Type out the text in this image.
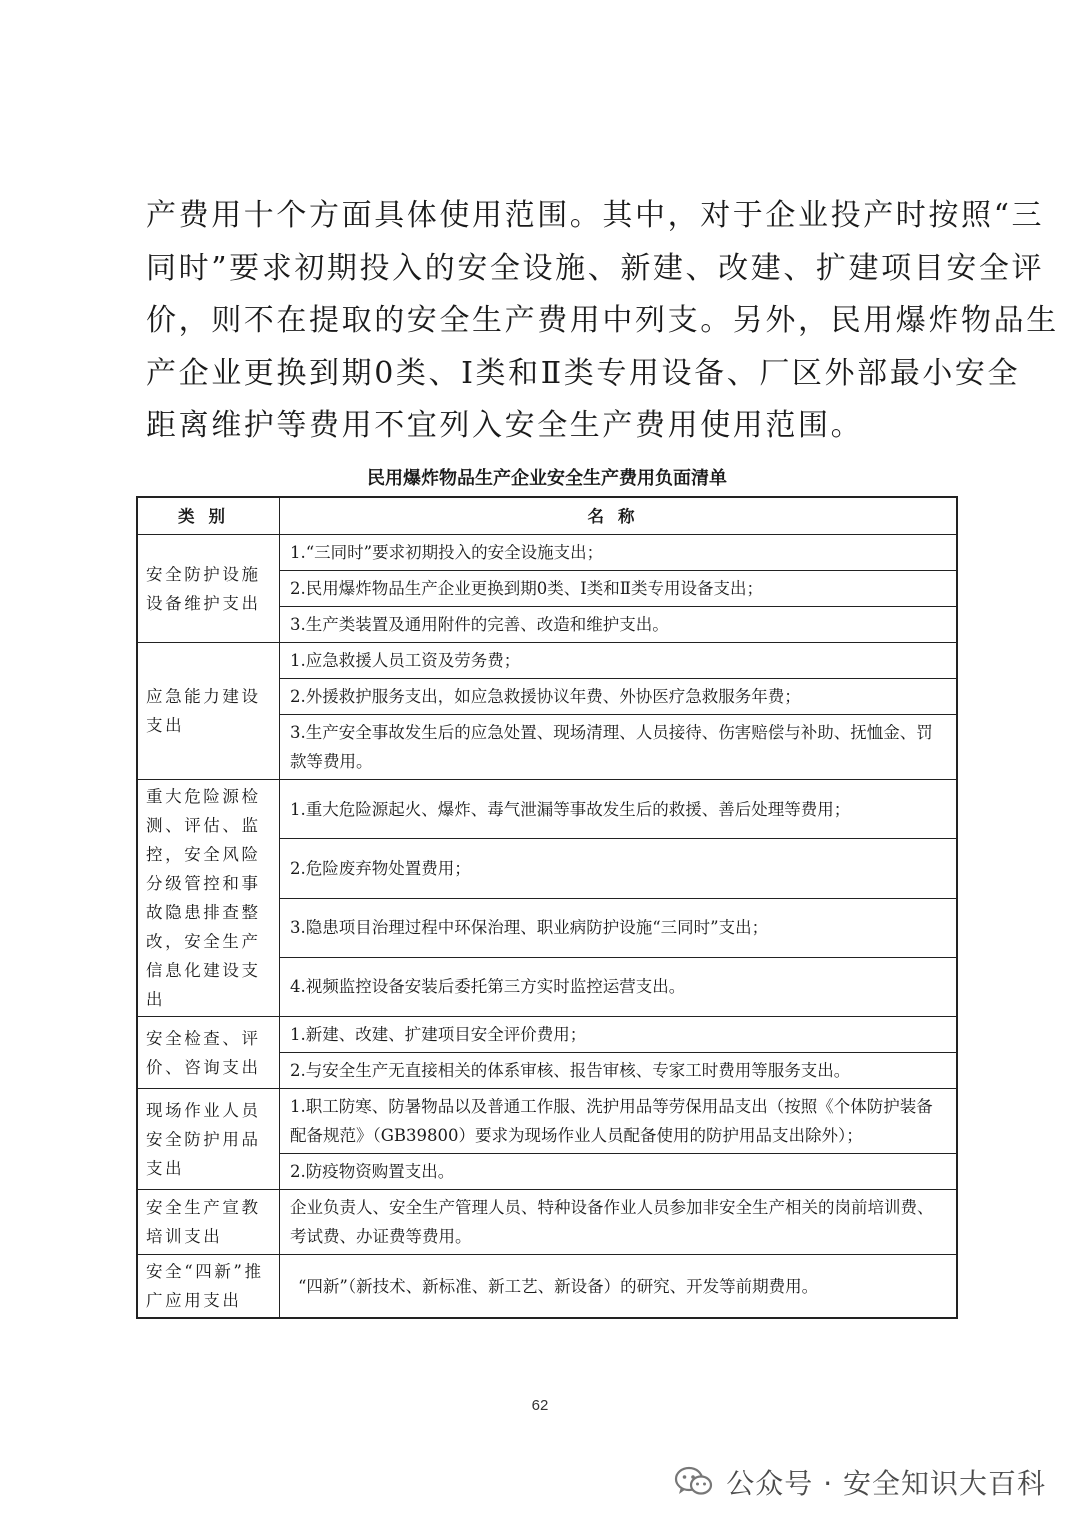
产费用十个方面具体使用范围。其中，对于企业投产时按照“三
同时”要求初期投入的安全设施、新建、改建、扩建项目安全评
价，则不在提取的安全生产费用中列支。另外，民用爆炸物品生
产企业更换到期0类、I类和Ⅱ类专用设备、厂区外部最小安全
距离维护等费用不宜列入安全生产费用使用范围。

民用爆炸物品生产企业安全生产费用负面清单

类别	名称
安全防护设施设备维护支出	1.“三同时”要求初期投入的安全设施支出；
	2.民用爆炸物品生产企业更换到期0类、I类和Ⅱ类专用设备支出；
	3.生产类装置及通用附件的完善、改造和维护支出。
应急能力建设支出	1.应急救援人员工资及劳务费；
	2.外援救护服务支出，如应急救援协议年费、外协医疗急救服务年费；
	3.生产安全事故发生后的应急处置、现场清理、人员接待、伤害赔偿与补助、抚恤金、罚款等费用。
重大危险源检测、评估、监控，安全风险分级管控和事故隐患排查整改，安全生产信息化建设支出	1.重大危险源起火、爆炸、毒气泄漏等事故发生后的救援、善后处理等费用；
	2.危险废弃物处置费用；
	3.隐患项目治理过程中环保治理、职业病防护设施“三同时”支出；
	4.视频监控设备安装后委托第三方实时监控运营支出。
安全检查、评价、咨询支出	1.新建、改建、扩建项目安全评价费用；
	2.与安全生产无直接相关的体系审核、报告审核、专家工时费用等服务支出。
现场作业人员安全防护用品支出	1.职工防寒、防暑物品以及普通工作服、洗护用品等劳保用品支出（按照《个体防护装备配备规范》（GB39800）要求为现场作业人员配备使用的防护用品支出除外）；
	2.防疫物资购置支出。
安全生产宣教培训支出	企业负责人、安全生产管理人员、特种设备作业人员参加非安全生产相关的岗前培训费、考试费、办证费等费用。
安全“四新”推广应用支出	“四新”（新技术、新标准、新工艺、新设备）的研究、开发等前期费用。
62
公众号 · 安全知识大百科
